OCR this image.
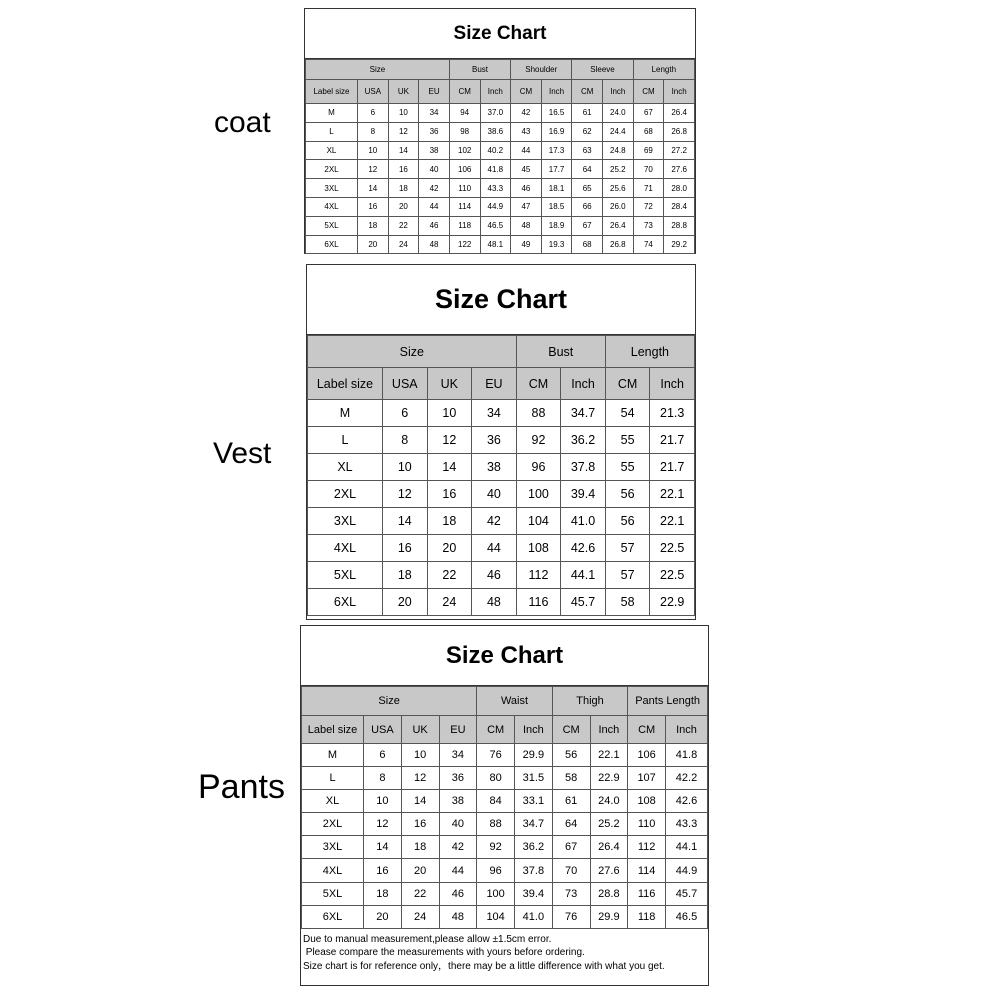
coat
Vest
Pants
Size Chart
Size				Bust		Shoulder		Sleeve		Length	
Label size	USA	UK	EU	CM	Inch	CM	Inch	CM	Inch	CM	Inch
M	6	10	34	94	37.0	42	16.5	61	24.0	67	26.4
L	8	12	36	98	38.6	43	16.9	62	24.4	68	26.8
XL	10	14	38	102	40.2	44	17.3	63	24.8	69	27.2
2XL	12	16	40	106	41.8	45	17.7	64	25.2	70	27.6
3XL	14	18	42	110	43.3	46	18.1	65	25.6	71	28.0
4XL	16	20	44	114	44.9	47	18.5	66	26.0	72	28.4
5XL	18	22	46	118	46.5	48	18.9	67	26.4	73	28.8
6XL	20	24	48	122	48.1	49	19.3	68	26.8	74	29.2
Size Chart
Size				Bust		Length	
Label size	USA	UK	EU	CM	Inch	CM	Inch
M	6	10	34	88	34.7	54	21.3
L	8	12	36	92	36.2	55	21.7
XL	10	14	38	96	37.8	55	21.7
2XL	12	16	40	100	39.4	56	22.1
3XL	14	18	42	104	41.0	56	22.1
4XL	16	20	44	108	42.6	57	22.5
5XL	18	22	46	112	44.1	57	22.5
6XL	20	24	48	116	45.7	58	22.9
Size Chart
Size				Waist		Thigh		Pants Length	
Label size	USA	UK	EU	CM	Inch	CM	Inch	CM	Inch
M	6	10	34	76	29.9	56	22.1	106	41.8
L	8	12	36	80	31.5	58	22.9	107	42.2
XL	10	14	38	84	33.1	61	24.0	108	42.6
2XL	12	16	40	88	34.7	64	25.2	110	43.3
3XL	14	18	42	92	36.2	67	26.4	112	44.1
4XL	16	20	44	96	37.8	70	27.6	114	44.9
5XL	18	22	46	100	39.4	73	28.8	116	45.7
6XL	20	24	48	104	41.0	76	29.9	118	46.5
Due to manual measurement,please allow ±1.5cm error.
Please compare the measurements with yours before ordering.
Size chart is for reference only，there may be a little difference with what you get.
